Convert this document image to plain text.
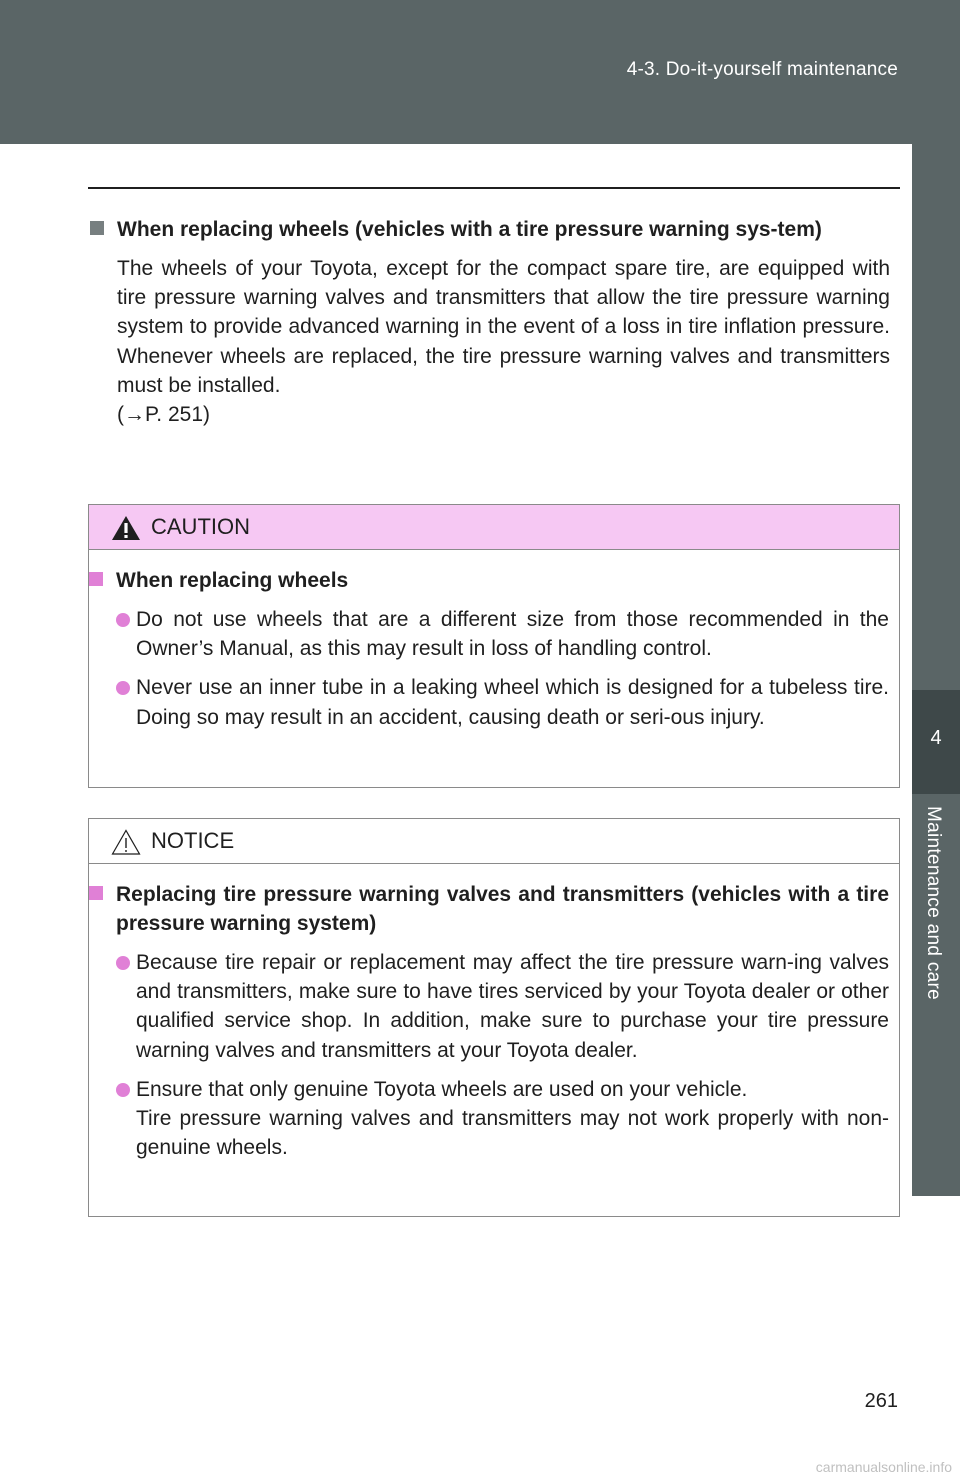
4-3. Do-it-yourself maintenance
4
Maintenance and care
When replacing wheels (vehicles with a tire pressure warning sys-tem)
The wheels of your Toyota, except for the compact spare tire, are equipped with tire pressure warning valves and transmitters that allow the tire pressure warning system to provide advanced warning in the event of a loss in tire inflation pressure. Whenever wheels are replaced, the tire pressure warning valves and transmitters must be installed.
(→P. 251)
CAUTION
When replacing wheels
Do not use wheels that are a different size from those recommended in the Owner’s Manual, as this may result in loss of handling control.
Never use an inner tube in a leaking wheel which is designed for a tubeless tire. Doing so may result in an accident, causing death or seri-ous injury.
NOTICE
Replacing tire pressure warning valves and transmitters (vehicles with a tire pressure warning system)
Because tire repair or replacement may affect the tire pressure warn-ing valves and transmitters, make sure to have tires serviced by your Toyota dealer or other qualified service shop. In addition, make sure to purchase your tire pressure warning valves and transmitters at your Toyota dealer.
Ensure that only genuine Toyota wheels are used on your vehicle.
Tire pressure warning valves and transmitters may not work properly with non-genuine wheels.
261
carmanualsonline.info
